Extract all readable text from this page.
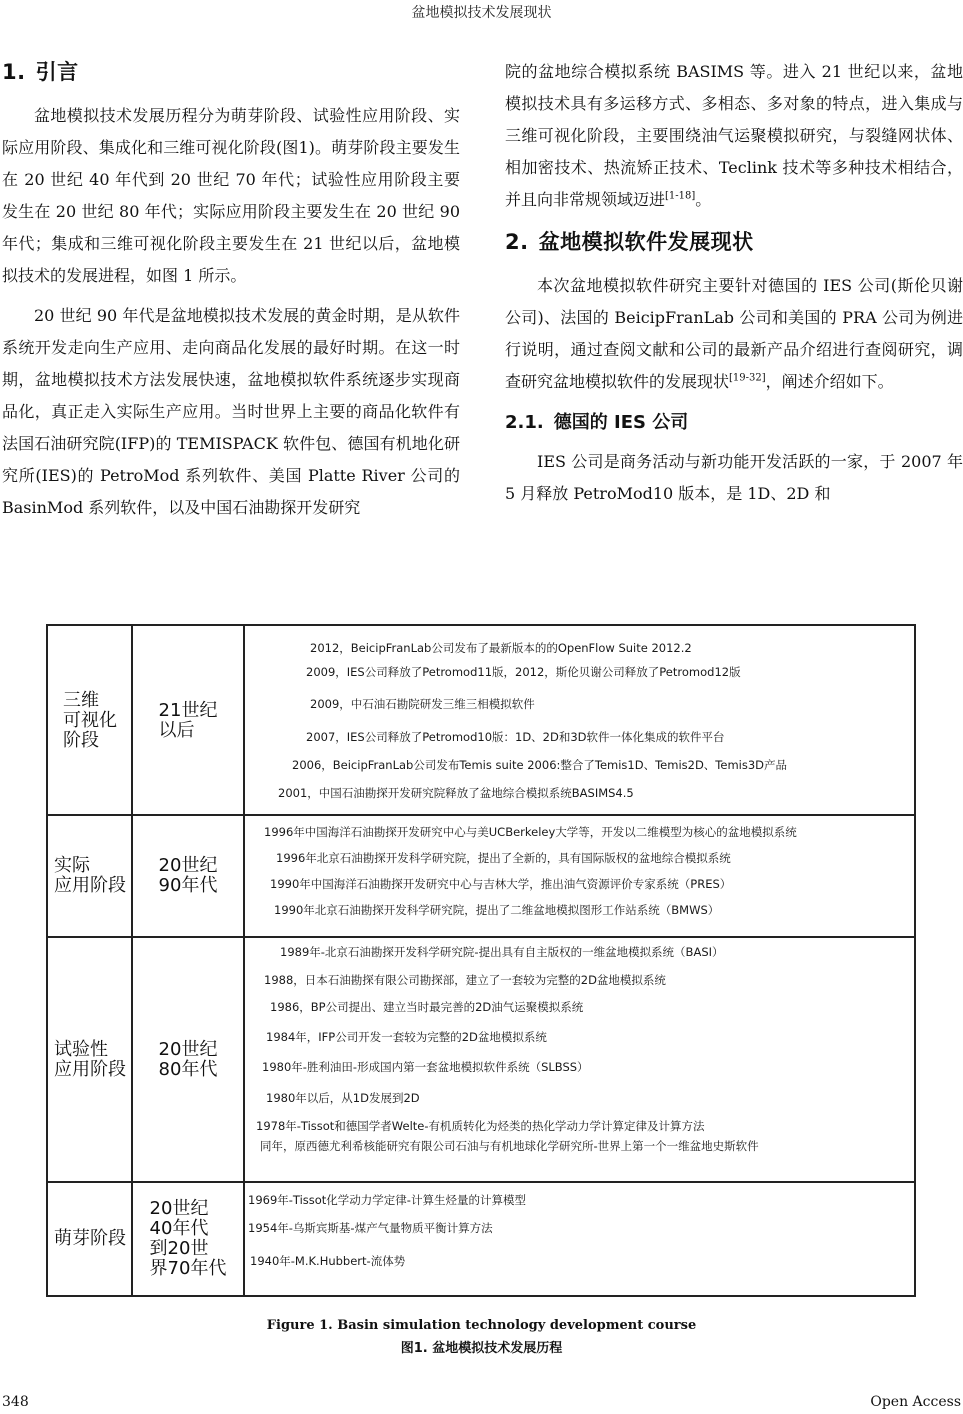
盆地模拟技术发展现状
1. 引言

盆地模拟技术发展历程分为萌芽阶段、试验性应用阶段、实际应用阶段、集成化和三维可视化阶段(图1)。萌芽阶段主要发生在 20 世纪 40 年代到 20 世纪 70 年代；试验性应用阶段主要发生在 20 世纪 80 年代；实际应用阶段主要发生在 20 世纪 90 年代；集成和三维可视化阶段主要发生在 21 世纪以后，盆地模拟技术的发展进程，如图 1 所示。

20 世纪 90 年代是盆地模拟技术发展的黄金时期，是从软件系统开发走向生产应用、走向商品化发展的最好时期。在这一时期，盆地模拟技术方法发展快速，盆地模拟软件系统逐步实现商品化，真正走入实际生产应用。当时世界上主要的商品化软件有法国石油研究院(IFP)的 TEMISPACK 软件包、德国有机地化研究所(IES)的 PetroMod 系列软件、美国 Platte River 公司的 BasinMod 系列软件，以及中国石油勘探开发研究

院的盆地综合模拟系统 BASIMS 等。进入 21 世纪以来，盆地模拟技术具有多运移方式、多相态、多对象的特点，进入集成与三维可视化阶段，主要围绕油气运聚模拟研究，与裂缝网状体、相加密技术、热流矫正技术、Teclink 技术等多种技术相结合，并且向非常规领域迈进[1-18]。

2. 盆地模拟软件发展现状

本次盆地模拟软件研究主要针对德国的 IES 公司(斯伦贝谢公司)、法国的 BeicipFranLab 公司和美国的 PRA 公司为例进行说明，通过查阅文献和公司的最新产品介绍进行查阅研究，调查研究盆地模拟软件的发展现状[19-32]，阐述介绍如下。

2.1. 德国的 IES 公司

IES 公司是商务活动与新功能开发活跃的一家，于 2007 年 5 月释放 PetroMod10 版本，是 1D、2D 和

三维
可视化
阶段
21世纪
以后
2012，BeicipFranLab公司发布了最新版本的的OpenFlow Suite 2012.2
2009，IES公司释放了Petromod11版，2012，斯伦贝谢公司释放了Petromod12版
2009，中石油石勘院研发三维三相模拟软件
2007，IES公司释放了Petromod10版：1D、2D和3D软件一体化集成的软件平台
2006，BeicipFranLab公司发布Temis suite 2006:整合了Temis1D、Temis2D、Temis3D产品
2001，中国石油勘探开发研究院释放了盆地综合模拟系统BASIMS4.5
实际
应用阶段
20世纪
90年代
1996年中国海洋石油勘探开发研究中心与美UCBerkeley大学等，开发以二维模型为核心的盆地模拟系统
1996年北京石油勘探开发科学研究院，提出了全新的，具有国际版权的盆地综合模拟系统
1990年中国海洋石油勘探开发研究中心与吉林大学，推出油气资源评价专家系统（PRES）
1990年北京石油勘探开发科学研究院，提出了二维盆地模拟图形工作站系统（BMWS）
试验性
应用阶段
20世纪
80年代
1989年-北京石油勘探开发科学研究院-提出具有自主版权的一维盆地模拟系统（BASI）
1988，日本石油勘探有限公司勘探部，建立了一套较为完整的2D盆地模拟系统
1986，BP公司提出、建立当时最完善的2D油气运聚模拟系统
1984年，IFP公司开发一套较为完整的2D盆地模拟系统
1980年-胜利油田-形成国内第一套盆地模拟软件系统（SLBSS）
1980年以后，从1D发展到2D
1978年-Tissot和德国学者Welte-有机质转化为烃类的热化学动力学计算定律及计算方法
同年，原西德尤利希核能研究有限公司石油与有机地球化学研究所-世界上第一个一维盆地史斯软件
萌芽阶段
20世纪
40年代
到20世
界70年代
1969年-Tissot化学动力学定律-计算生烃量的计算模型
1954年-乌斯宾斯基-煤产气量物质平衡计算方法
1940年-M.K.Hubbert-流体势
Figure 1. Basin simulation technology development course
图1. 盆地模拟技术发展历程
348	Open Access
